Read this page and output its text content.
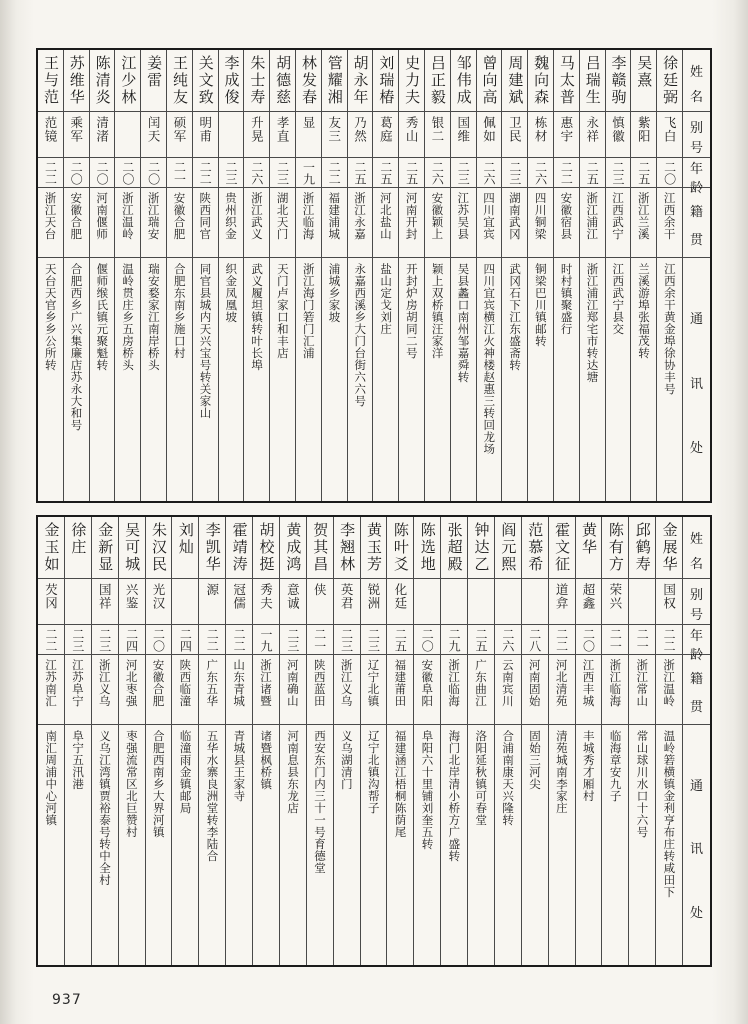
姓
名
别
号
年
龄
籍
贯
通
讯
处
徐廷弼
飞白
二〇
江西余干
江西余干黄金埠徐协丰号
吴熹
紫阳
二五
浙江兰溪
兰溪游埠张福茂转
李赣驹
慎徽
二三
江西武宁
江西武宁县交
吕瑞生
永祥
二五
浙江浦江
浙江浦江郑宅市转达塘
马太普
惠宇
二二
安徽宿县
时村镇聚盛行
魏向森
栋材
二六
四川铜梁
铜梁巴川镇邮转
周建斌
卫民
二三
湖南武冈
武冈石下江东盛斋转
曾向高
佩如
二六
四川宜宾
四川宜宾横江火神楼赵惠三转回龙场
邹伟成
国维
二三
江苏吴县
吴县蠡口南州邹嘉舜转
吕正毅
银二
二六
安徽颖上
颖上双桥镇汪家洋
史力夫
秀山
二五
河南开封
开封炉房胡同二号
刘瑞椿
葛庭
二五
河北盐山
盐山定戈刘庄
胡永年
乃然
二五
浙江永嘉
永嘉西溪乡大门台街六六号
管耀湘
友三
二二
福建浦城
浦城乡家坡
林发春
显
一九
浙江临海
浙江海门箬门汇浦
胡德慈
孝直
二三
湖北天门
天门卢家口和丰店
朱士寿
升晃
二六
浙江武义
武义履坦镇转叶长埠
李成俊
二三
贵州织金
织金凤凰坡
关文致
明甫
二二
陕西同官
同官县城内天兴宝号转关家山
王纯友
硕军
二一
安徽合肥
合肥东南乡施口村
姜雷
闰天
二〇
浙江瑞安
瑞安婺家江南岸桥头
江少林
二〇
浙江温岭
温岭贯庄乡五房桥头
陈清炎
清渚
二〇
河南偃师
偃师缑氏镇元聚魁转
苏维华
乘军
二〇
安徽合肥
合肥西乡广兴集廉店苏永大和号
王与范
范镜
二二
浙江天台
天台天官乡乡公所转
姓
名
别
号
年
龄
籍
贯
通
讯
处
金展华
国权
二二
浙江温岭
温岭箬横镇金利亨布庄转咸田下
邱鹤寿
二一
浙江常山
常山球川水口十六号
陈有方
荣兴
二一
浙江临海
临海章安九子
黄华
超鑫
二〇
江西丰城
丰城秀才厢村
霍文征
道弇
二二
河北清苑
清苑城南李家庄
范慕希
二八
河南固始
固始三河尖
阎元熙
二六
云南宾川
合浦南康天兴隆转
钟达乙
二五
广东曲江
洛阳延秋镇可春堂
张超殿
二九
浙江临海
海门北岸清小桥方广盛转
陈选地
二〇
安徽阜阳
阜阳六十里铺刘奎五转
陈叶爻
化廷
二五
福建莆田
福建涵江梧桐陈荫尾
黄玉芳
锐洲
二三
辽宁北镇
辽宁北镇沟帮子
李翘林
英君
二三
浙江义乌
义乌湖清门
贺其昌
侠
二一
陕西蓝田
西安东门内三十一号育德堂
黄成鸿
意诚
二三
河南确山
河南息县东龙店
胡校挺
秀夫
一九
浙江诸暨
诸暨枫桥镇
霍靖涛
冠儒
二二
山东青城
青城县王家寺
李凯华
源
二二
广东五华
五华水寨良洲堂转李陆合
刘灿
二四
陕西临潼
临潼雨金镇邮局
朱汉民
光汉
二〇
安徽合肥
合肥西南乡大界河镇
吴可城
兴鉴
二四
河北枣强
枣强流常区北巨赞村
金新显
国祥
二三
浙江义乌
义乌江湾镇贾裕泰号转中全村
徐庄
二三
江苏阜宁
阜宁五汛港
金玉如
芡冈
二二
江苏南汇
南汇周浦中心河镇
937
